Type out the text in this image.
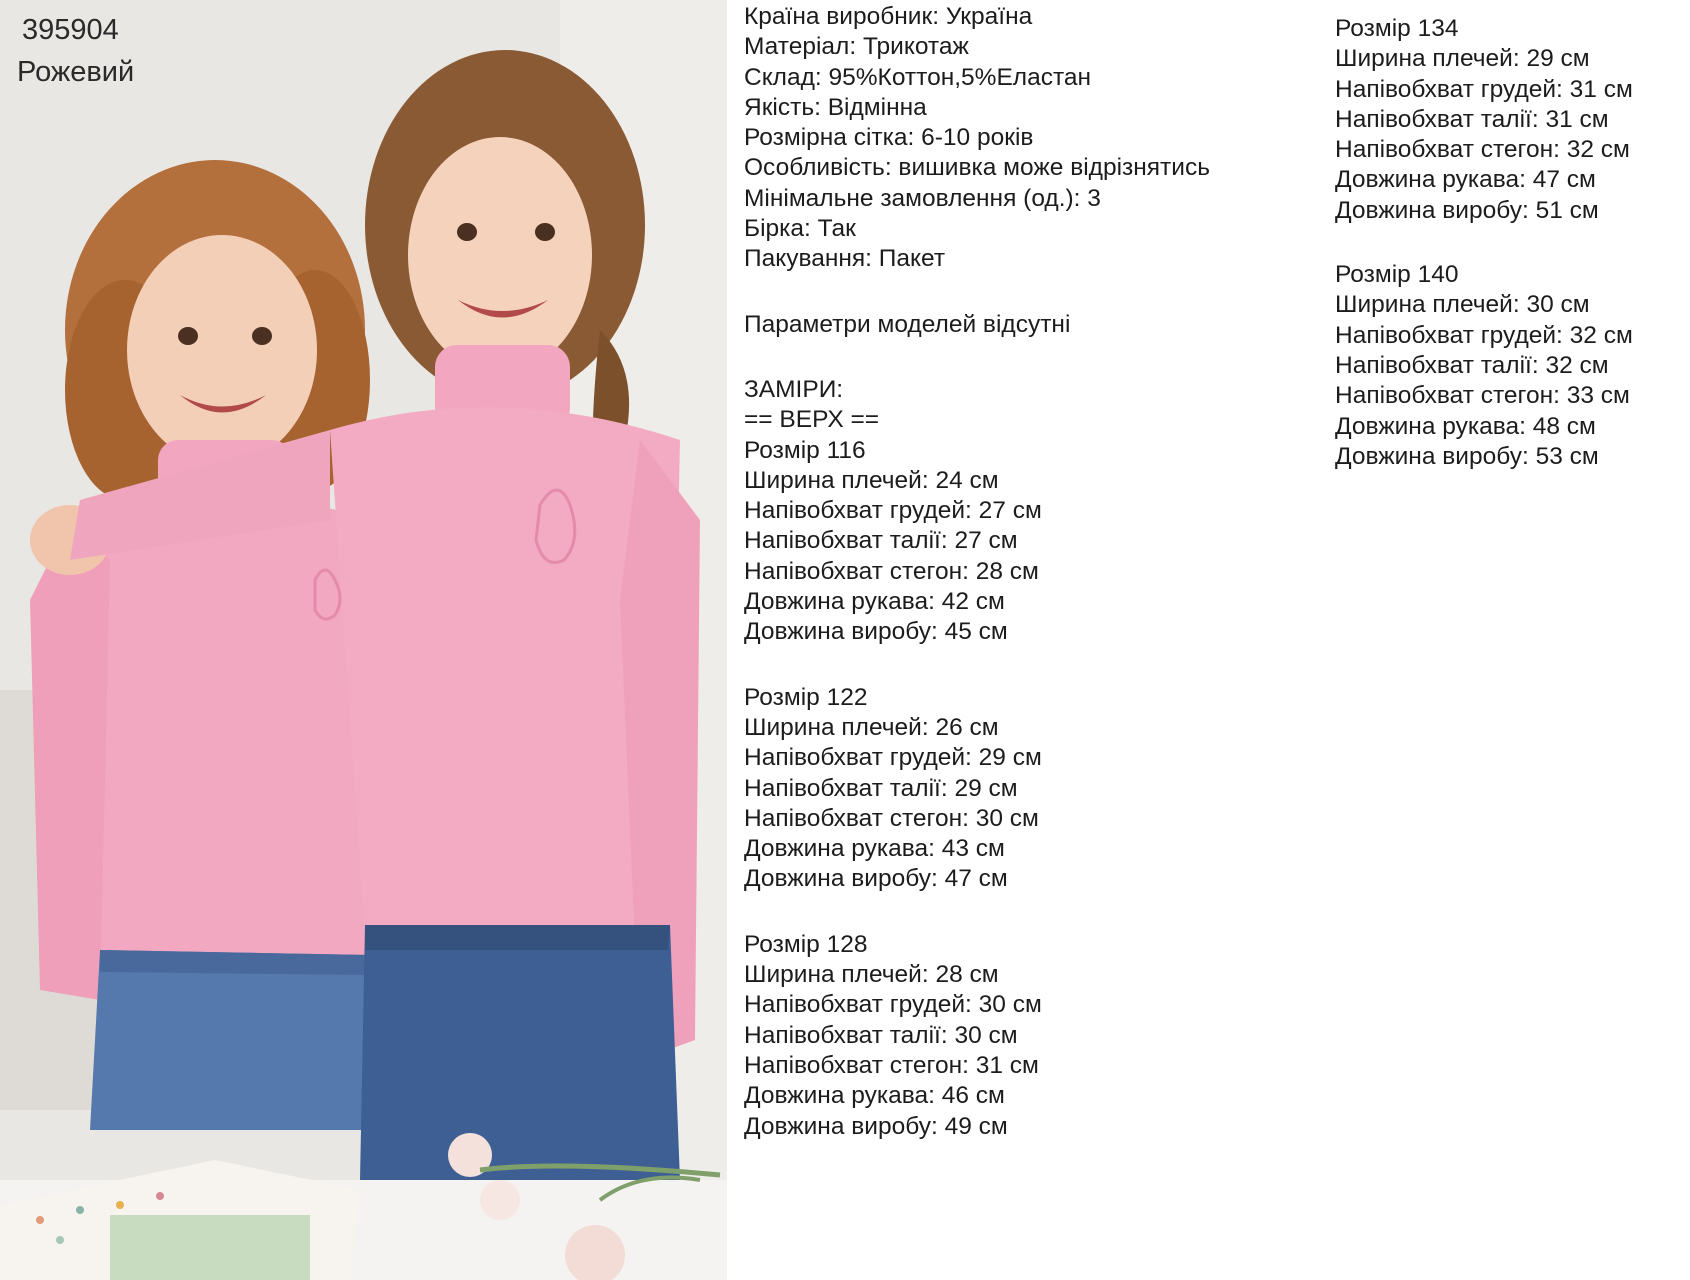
395904
Рожевий
Країна виробник: Україна
Матеріал: Трикотаж
Склад: 95%Коттон,5%Еластан
Якість: Відмінна
Розмірна сітка: 6-10 років
Особливість: вишивка може відрізнятись
Мінімальне замовлення (од.): 3
Бірка: Так
Пакування: Пакет
Параметри моделей відсутні
ЗАМІРИ:
== ВЕРХ ==
Розмір 116
Ширина плечей: 24 см
Напівобхват грудей: 27 см
Напівобхват талії: 27 см
Напівобхват стегон: 28 см
Довжина рукава: 42 см
Довжина виробу: 45 см
Розмір 122
Ширина плечей: 26 см
Напівобхват грудей: 29 см
Напівобхват талії: 29 см
Напівобхват стегон: 30 см
Довжина рукава: 43 см
Довжина виробу: 47 см
Розмір 128
Ширина плечей: 28 см
Напівобхват грудей: 30 см
Напівобхват талії: 30 см
Напівобхват стегон: 31 см
Довжина рукава: 46 см
Довжина виробу: 49 см
Розмір 134
Ширина плечей: 29 см
Напівобхват грудей: 31 см
Напівобхват талії: 31 см
Напівобхват стегон: 32 см
Довжина рукава: 47 см
Довжина виробу: 51 см
Розмір 140
Ширина плечей: 30 см
Напівобхват грудей: 32 см
Напівобхват талії: 32 см
Напівобхват стегон: 33 см
Довжина рукава: 48 см
Довжина виробу: 53 см
